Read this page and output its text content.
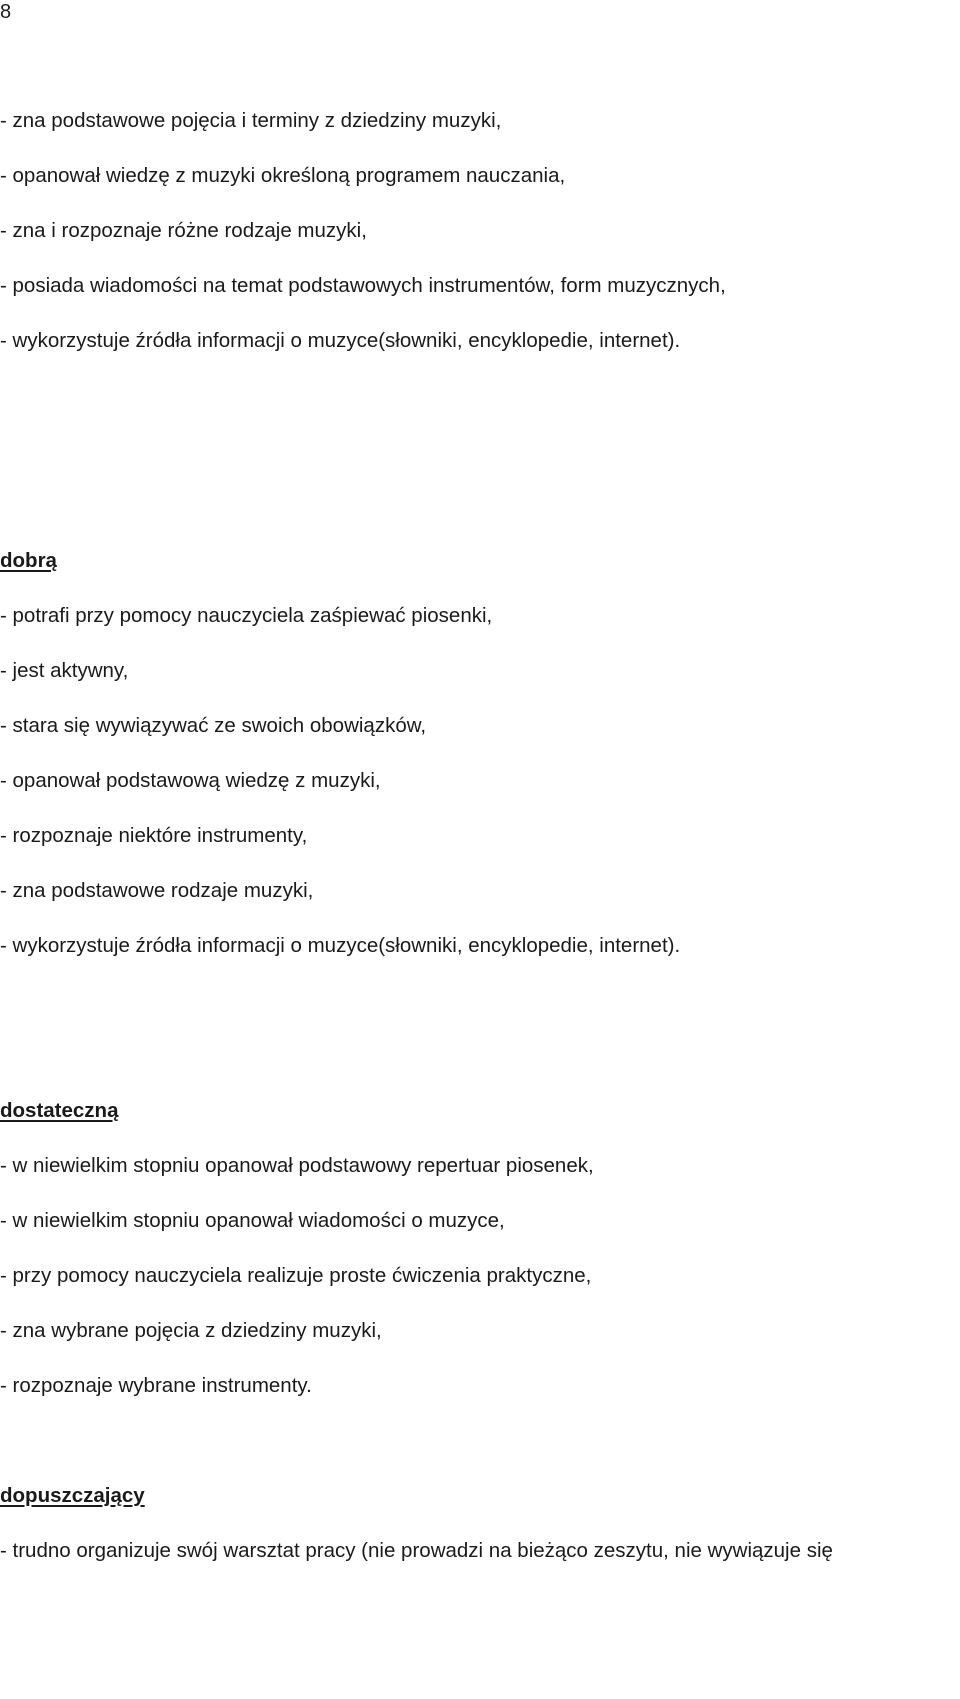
8
- zna podstawowe pojęcia i terminy z dziedziny muzyki,
- opanował wiedzę z muzyki określoną programem nauczania,
- zna i rozpoznaje różne rodzaje muzyki,
- posiada wiadomości na temat podstawowych instrumentów, form muzycznych,
- wykorzystuje źródła informacji o muzyce(słowniki, encyklopedie, internet).
dobrą
- potrafi przy pomocy nauczyciela zaśpiewać piosenki,
- jest aktywny,
- stara się wywiązywać ze swoich obowiązków,
- opanował podstawową wiedzę z muzyki,
- rozpoznaje niektóre instrumenty,
- zna podstawowe rodzaje muzyki,
- wykorzystuje źródła informacji o muzyce(słowniki, encyklopedie, internet).
dostateczną
- w niewielkim stopniu opanował podstawowy repertuar piosenek,
- w niewielkim stopniu opanował wiadomości o muzyce,
- przy pomocy nauczyciela realizuje proste ćwiczenia praktyczne,
- zna wybrane pojęcia z dziedziny muzyki,
- rozpoznaje wybrane instrumenty.
dopuszczający
- trudno organizuje swój warsztat pracy (nie prowadzi na bieżąco zeszytu, nie wywiązuje się
